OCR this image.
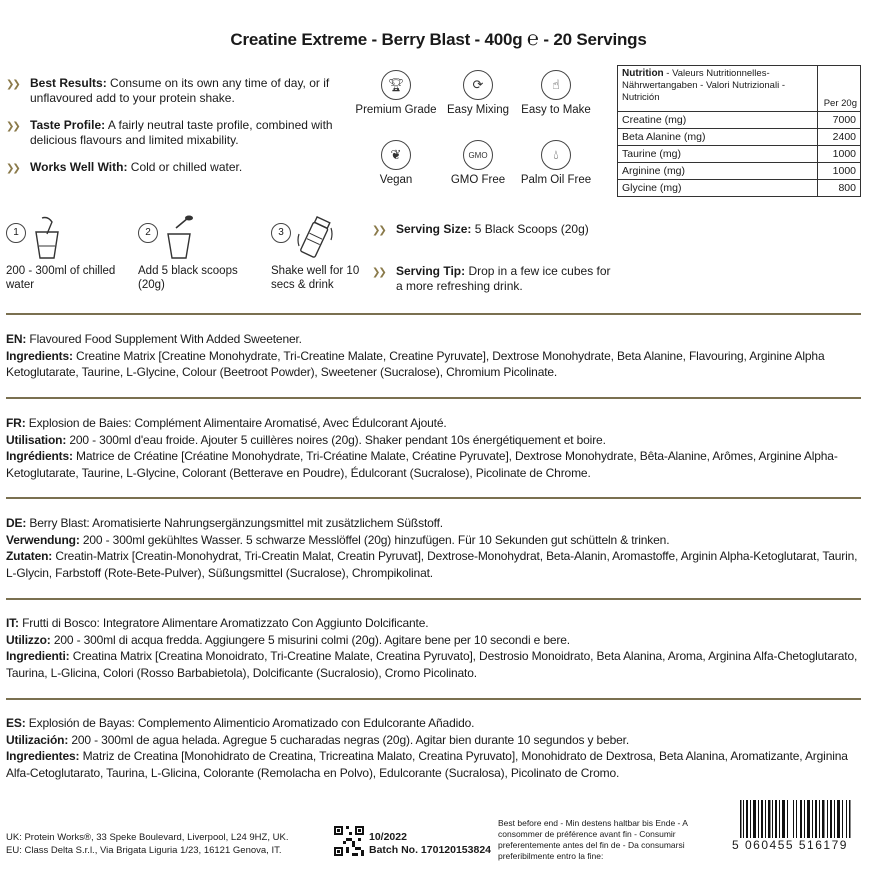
Creatine Extreme - Berry Blast - 400g ℮ - 20 Servings
❯❯ Best Results: Consume on its own any time of day, or if unflavoured add to your protein shake.

❯❯ Taste Profile: A fairly neutral taste profile, combined with delicious flavours and limited mixability.

❯❯ Works Well With: Cold or chilled water.

🏆︎
Premium Grade
⟳
Easy Mixing
☝︎
Easy to Make
❦
Vegan
GMO
GMO Free
💧︎
Palm Oil Free
Nutrition - Valeurs Nutritionnelles- Nährwertangaben - Valori Nutrizionali - Nutrición
Per 20g
Creatine (mg)	7000
Beta Alanine (mg)	2400
Taurine (mg)	1000
Arginine (mg)	1000
Glycine (mg)	800
1

200 - 300ml of chilled water

2

Add 5 black scoops (20g)

3

Shake well for 10 secs & drink

❯❯ Serving Size: 5 Black Scoops (20g)

❯❯ Serving Tip: Drop in a few ice cubes for a more refreshing drink.

EN: Flavoured Food Supplement With Added Sweetener.

Ingredients: Creatine Matrix [Creatine Monohydrate, Tri-Creatine Malate, Creatine Pyruvate], Dextrose Monohydrate, Beta Alanine, Flavouring, Arginine Alpha Ketoglutarate, Taurine, L-Glycine, Colour (Beetroot Powder), Sweetener (Sucralose), Chromium Picolinate.

FR: Explosion de Baies: Complément Alimentaire Aromatisé, Avec Édulcorant Ajouté.

Utilisation: 200 - 300ml d'eau froide. Ajouter 5 cuillères noires (20g). Shaker pendant 10s énergétiquement et boire.

Ingrédients: Matrice de Créatine [Créatine Monohydrate, Tri-Créatine Malate, Créatine Pyruvate], Dextrose Monohydrate, Bêta-Alanine, Arômes, Arginine Alpha-Ketoglutarate, Taurine, L-Glycine, Colorant (Betterave en Poudre), Édulcorant (Sucralose), Picolinate de Chrome.

DE: Berry Blast: Aromatisierte Nahrungsergänzungsmittel mit zusätzlichem Süßstoff.

Verwendung: 200 - 300ml gekühltes Wasser. 5 schwarze Messlöffel (20g) hinzufügen. Für 10 Sekunden gut schütteln & trinken.

Zutaten: Creatin-Matrix [Creatin-Monohydrat, Tri-Creatin Malat, Creatin Pyruvat], Dextrose-Monohydrat, Beta-Alanin, Aromastoffe, Arginin Alpha-Ketoglutarat, Taurin, L-Glycin, Farbstoff (Rote-Bete-Pulver), Süßungsmittel (Sucralose), Chrompikolinat.

IT: Frutti di Bosco: Integratore Alimentare Aromatizzato Con Aggiunto Dolcificante.

Utilizzo: 200 - 300ml di acqua fredda. Aggiungere 5 misurini colmi (20g). Agitare bene per 10 secondi e bere.

Ingredienti: Creatina Matrix [Creatina Monoidrato, Tri-Creatine Malate, Creatina Pyruvato], Destrosio Monoidrato, Beta Alanina, Aroma, Arginina Alfa-Chetoglutarato, Taurina, L-Glicina, Colori (Rosso Barbabietola), Dolcificante (Sucralosio), Cromo Picolinato.

ES: Explosión de Bayas: Complemento Alimenticio Aromatizado con Edulcorante Añadido.

Utilización: 200 - 300ml de agua helada. Agregue 5 cucharadas negras (20g). Agitar bien durante 10 segundos y beber.

Ingredientes: Matriz de Creatina [Monohidrato de Creatina, Tricreatina Malato, Creatina Pyruvato], Monohidrato de Dextrosa, Beta Alanina, Aromatizante, Arginina Alfa-Cetoglutarato, Taurina, L-Glicina, Colorante (Remolacha en Polvo), Edulcorante (Sucralosa), Picolinato de Cromo.

UK: Protein Works®, 33 Speke Boulevard, Liverpool, L24 9HZ, UK.

EU: Class Delta S.r.l., Via Brigata Liguria 1/23, 16121 Genova, IT.

10/2022

Batch No. 170120153824

Best before end - Min destens haltbar bis Ende - A consommer de préférence avant fin - Consumir preferentemente antes del fin de - Da consumarsi preferibilmente entro la fine:
5 060455 516179
